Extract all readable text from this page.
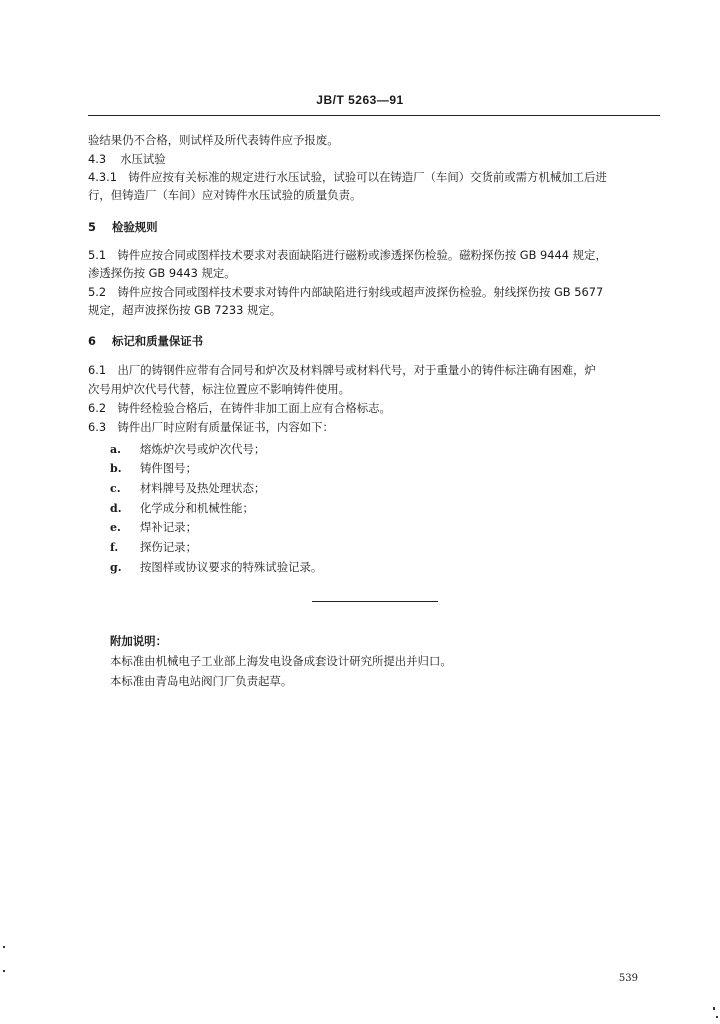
JB/T 5263—91
验结果仍不合格，则试样及所代表铸件应予报废。
4.3 水压试验
4.3.1　铸件应按有关标准的规定进行水压试验，试验可以在铸造厂（车间）交货前或需方机械加工后进
行，但铸造厂（车间）应对铸件水压试验的质量负责。
5 检验规则
5.1　铸件应按合同或图样技术要求对表面缺陷进行磁粉或渗透探伤检验。磁粉探伤按 GB 9444 规定，
渗透探伤按 GB 9443 规定。
5.2　铸件应按合同或图样技术要求对铸件内部缺陷进行射线或超声波探伤检验。射线探伤按 GB 5677
规定，超声波探伤按 GB 7233 规定。
6 标记和质量保证书
6.1　出厂的铸钢件应带有合同号和炉次及材料牌号或材料代号，对于重量小的铸件标注确有困难，炉
次号用炉次代号代替，标注位置应不影响铸件使用。
6.2　铸件经检验合格后，在铸件非加工面上应有合格标志。
6.3　铸件出厂时应附有质量保证书，内容如下：
a. 熔炼炉次号或炉次代号；
b. 铸件图号；
c. 材料牌号及热处理状态；
d. 化学成分和机械性能；
e. 焊补记录；
f. 探伤记录；
g. 按图样或协议要求的特殊试验记录。
附加说明：
本标准由机械电子工业部上海发电设备成套设计研究所提出并归口。
本标准由青岛电站阀门厂负责起草。
539
